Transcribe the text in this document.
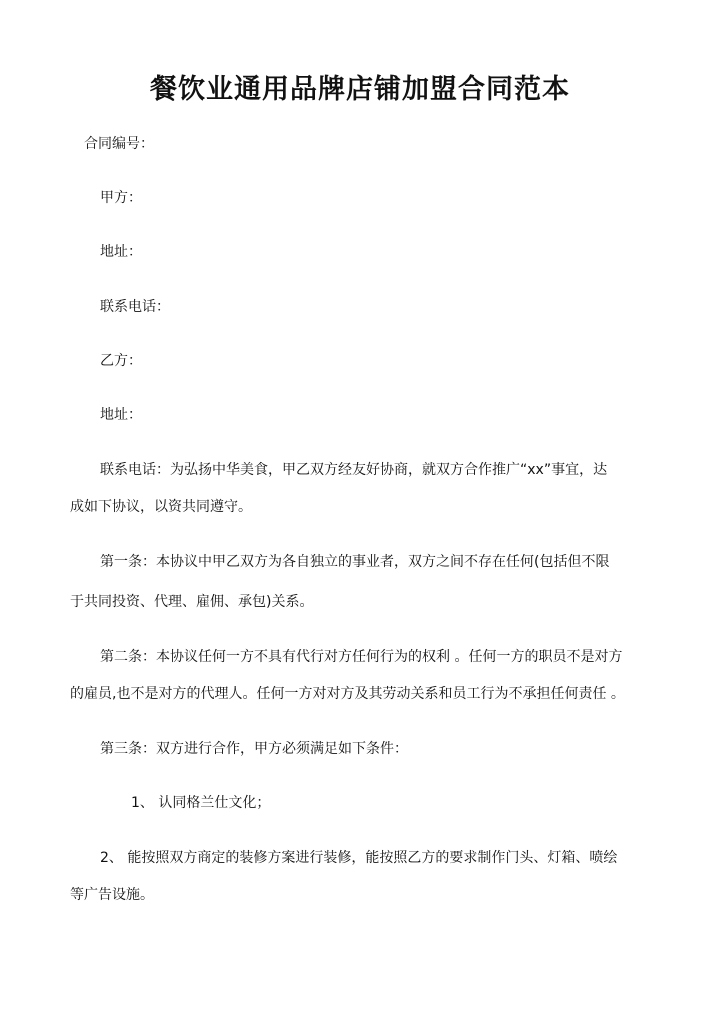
餐饮业通用品牌店铺加盟合同范本
合同编号：
甲方：
地址：
联系电话：
乙方：
地址：
联系电话：为弘扬中华美食，甲乙双方经友好协商，就双方合作推广“xx”事宜，达
成如下协议，以资共同遵守。
第一条：本协议中甲乙双方为各自独立的事业者，双方之间不存在任何(包括但不限
于共同投资、代理、雇佣、承包)关系。
第二条：本协议任何一方不具有代行对方任何行为的权利 。任何一方的职员不是对方
的雇员,也不是对方的代理人。任何一方对对方及其劳动关系和员工行为不承担任何责任 。
第三条：双方进行合作，甲方必须满足如下条件：
1、 认同格兰仕文化；
2、 能按照双方商定的装修方案进行装修，能按照乙方的要求制作门头、灯箱、喷绘
等广告设施。
